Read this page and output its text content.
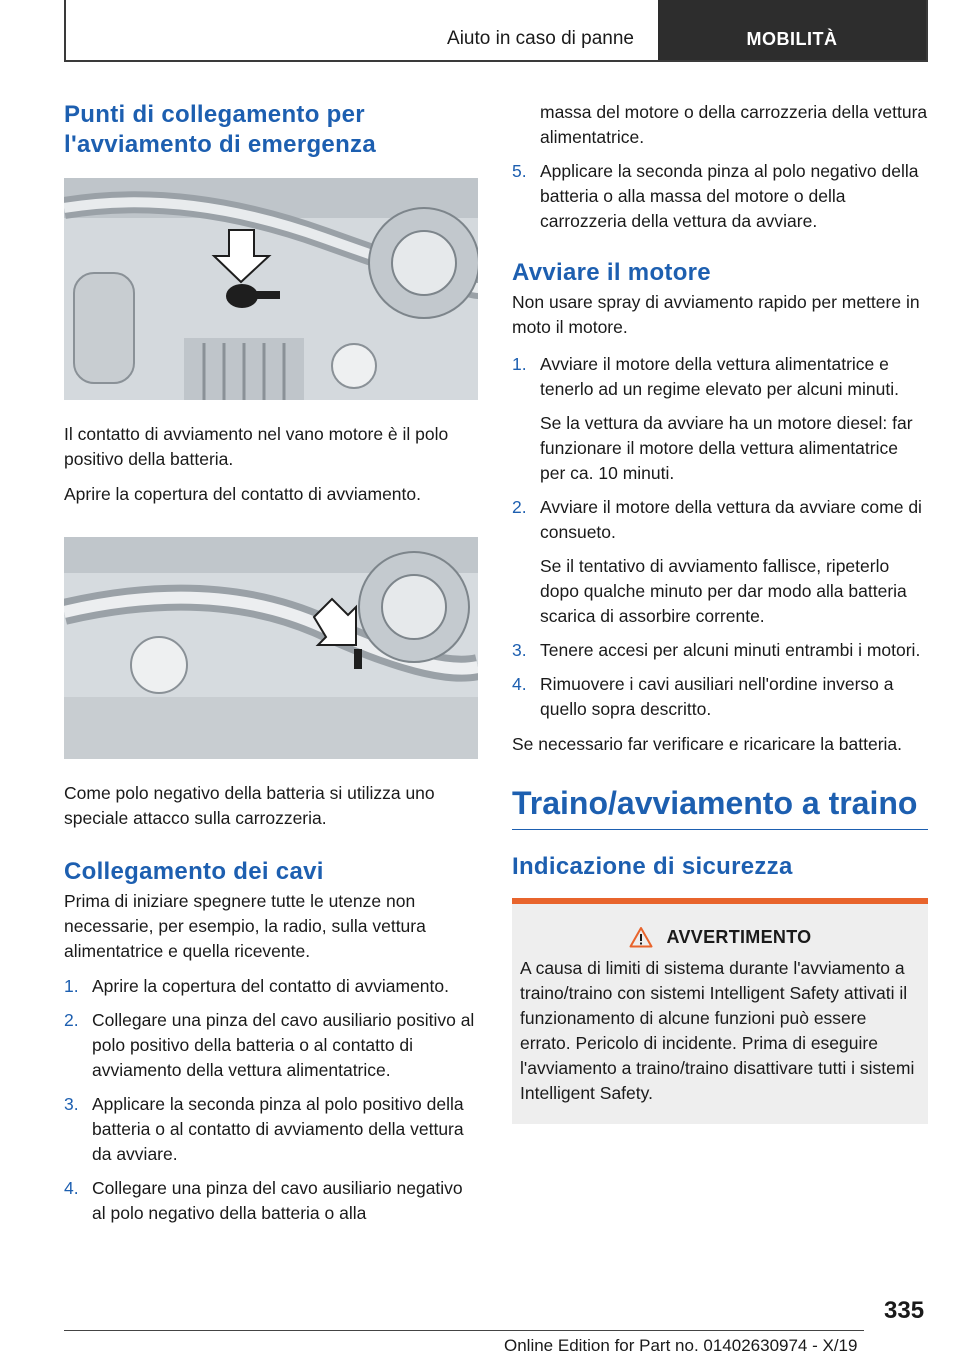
Aiuto in caso di panne	MOBILITÀ
Punti di collegamento per l'avviamento di emergenza

Il contatto di avviamento nel vano motore è il polo positivo della batteria.

Aprire la copertura del contatto di avviamento.

Come polo negativo della batteria si utilizza uno speciale attacco sulla carrozzeria.

Collegamento dei cavi

Prima di iniziare spegnere tutte le utenze non necessarie, per esempio, la radio, sulla vettura alimentatrice e quella ricevente.

1. Aprire la copertura del contatto di avviamento.
2. Collegare una pinza del cavo ausiliario positivo al polo positivo della batteria o al contatto di avviamento della vettura alimentatrice.
3. Applicare la seconda pinza al polo positivo della batteria o al contatto di avviamento della vettura da avviare.
4. Collegare una pinza del cavo ausiliario negativo al polo negativo della batteria o alla

massa del motore o della carrozzeria della vettura alimentatrice.

5. Applicare la seconda pinza al polo negativo della batteria o alla massa del motore o della carrozzeria della vettura da avviare.
Avviare il motore

Non usare spray di avviamento rapido per mettere in moto il motore.

1. Avviare il motore della vettura alimentatrice e tenerlo ad un regime elevato per alcuni minuti.
Se la vettura da avviare ha un motore diesel: far funzionare il motore della vettura alimentatrice per ca. 10 minuti.
2. Avviare il motore della vettura da avviare come di consueto.
Se il tentativo di avviamento fallisce, ripeterlo dopo qualche minuto per dar modo alla batteria scarica di assorbire corrente.
3. Tenere accesi per alcuni minuti entrambi i motori.
4. Rimuovere i cavi ausiliari nell'ordine inverso a quello sopra descritto.

Se necessario far verificare e ricaricare la batteria.

Traino/avviamento a traino
Indicazione di sicurezza
AVVERTIMENTO

A causa di limiti di sistema durante l'avviamento a traino/traino con sistemi Intelligent Safety attivati il funzionamento di alcune funzioni può essere errato. Pericolo di incidente. Prima di eseguire l'avviamento a traino/traino disattivare tutti i sistemi Intelligent Safety.

335
Online Edition for Part no. 01402630974 - X/19
